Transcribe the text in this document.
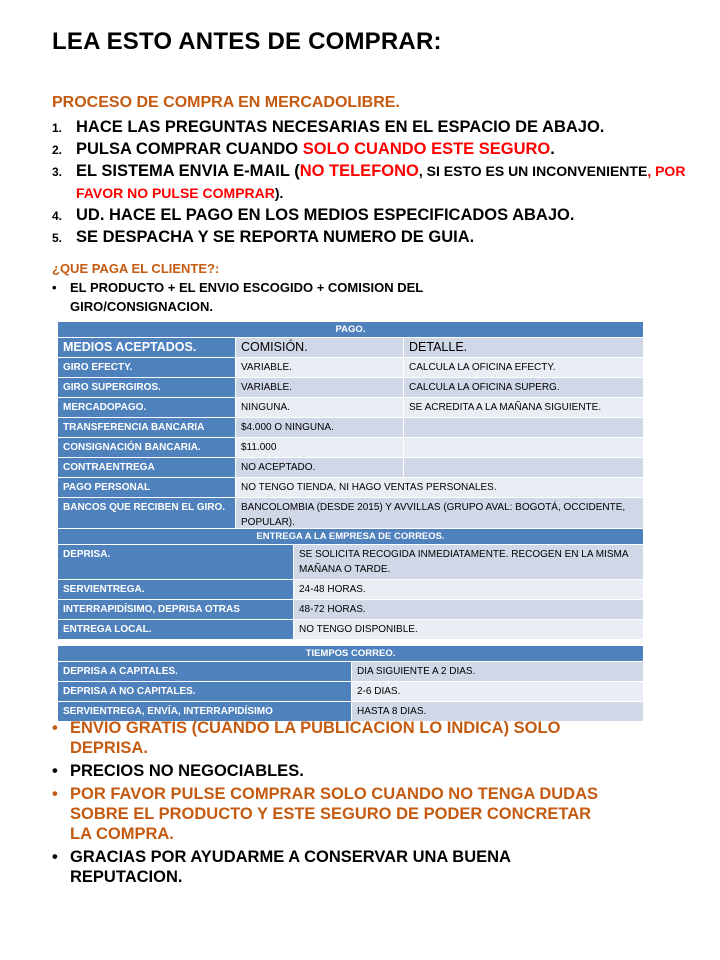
LEA ESTO ANTES DE COMPRAR:
PROCESO DE COMPRA EN MERCADOLIBRE.
1. HACE LAS PREGUNTAS NECESARIAS EN EL ESPACIO DE ABAJO.
2. PULSA COMPRAR CUANDO SOLO CUANDO ESTE SEGURO.
3. EL SISTEMA ENVIA E-MAIL (NO TELEFONO, SI ESTO ES UN INCONVENIENTE, POR FAVOR NO PULSE COMPRAR).
4. UD. HACE EL PAGO EN LOS MEDIOS ESPECIFICADOS ABAJO.
5. SE DESPACHA Y SE REPORTA NUMERO DE GUIA.
¿QUE PAGA EL CLIENTE?:
•	EL PRODUCTO + EL ENVIO ESCOGIDO + COMISION DEL GIRO/CONSIGNACION.
PAGO.		
MEDIOS ACEPTADOS.	COMISIÓN.	DETALLE.
GIRO EFECTY.	VARIABLE.	CALCULA LA OFICINA EFECTY.
GIRO SUPERGIROS.	VARIABLE.	CALCULA LA OFICINA SUPERG.
MERCADOPAGO.	NINGUNA.	SE ACREDITA A LA MAÑANA SIGUIENTE.
TRANSFERENCIA BANCARIA	$4.000 O NINGUNA.	
CONSIGNACIÓN BANCARIA.	$11.000	
CONTRAENTREGA	NO ACEPTADO.	
PAGO PERSONAL	NO TENGO TIENDA, NI HAGO VENTAS PERSONALES.	
BANCOS QUE RECIBEN EL GIRO.	BANCOLOMBIA (DESDE 2015) Y AVVILLAS (GRUPO AVAL: BOGOTÁ, OCCIDENTE, POPULAR).	
ENTREGA A LA EMPRESA DE CORREOS.	
DEPRISA.	SE SOLICITA RECOGIDA INMEDIATAMENTE. RECOGEN EN LA MISMA MAÑANA O TARDE.
SERVIENTREGA.	24-48 HORAS.
INTERRAPIDÍSIMO, DEPRISA OTRAS	48-72 HORAS.
ENTREGA LOCAL.	NO TENGO DISPONIBLE.
TIEMPOS CORREO.	
DEPRISA A CAPITALES.	DIA SIGUIENTE A 2 DIAS.
DEPRISA A NO CAPITALES.	2-6 DIAS.
SERVIENTREGA, ENVÍA, INTERRAPIDÍSIMO	HASTA 8 DIAS.
• ENVIO GRATIS (CUANDO LA PUBLICACION LO INDICA) SOLO DEPRISA.
• PRECIOS NO NEGOCIABLES.
• POR FAVOR PULSE COMPRAR SOLO CUANDO NO TENGA DUDAS SOBRE EL PRODUCTO Y ESTE SEGURO DE PODER CONCRETAR LA COMPRA.
• GRACIAS POR AYUDARME A CONSERVAR UNA BUENA REPUTACION.
